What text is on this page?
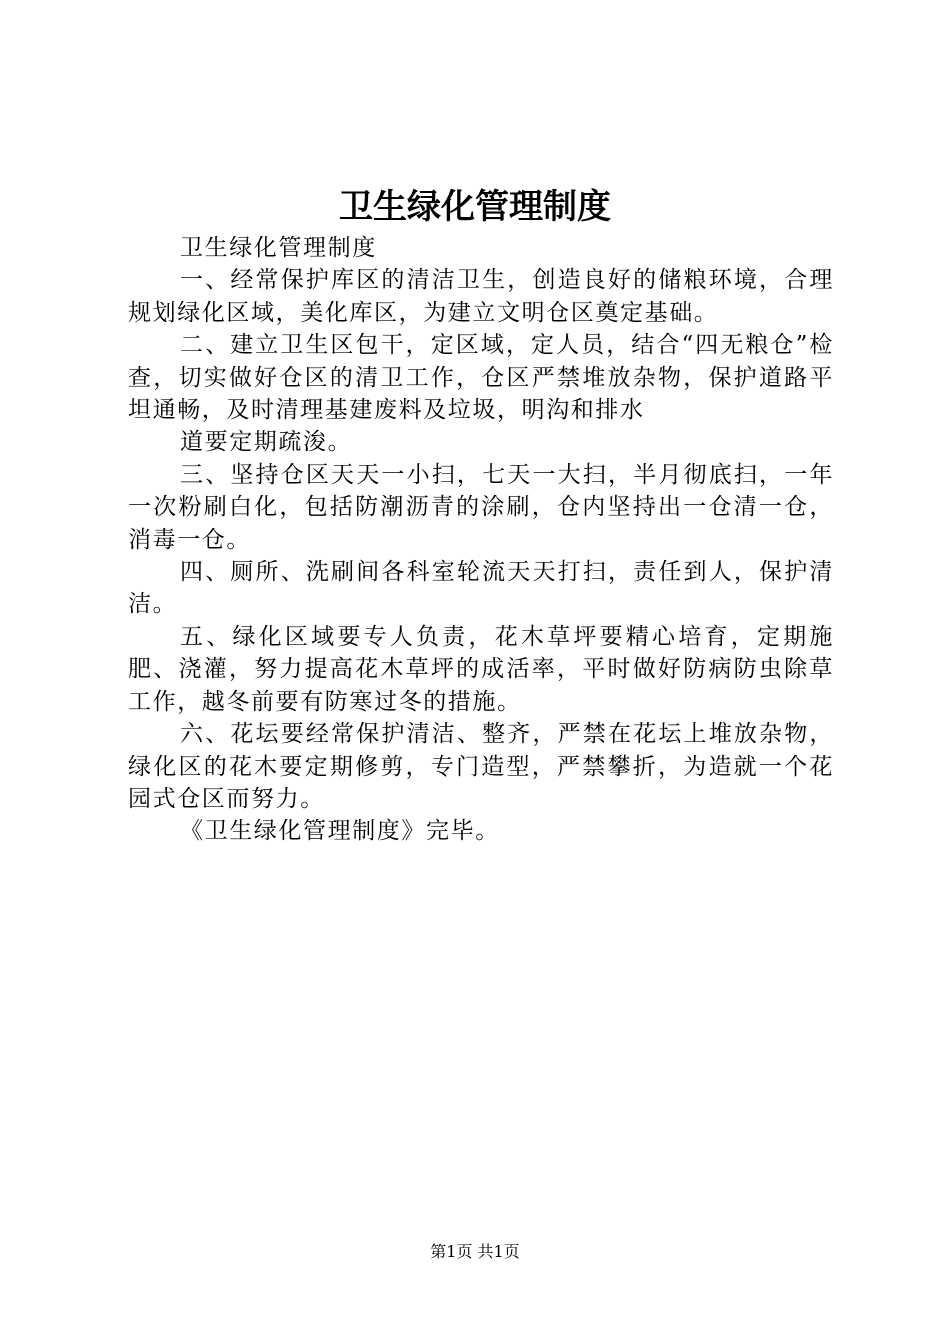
卫生绿化管理制度

卫生绿化管理制度

一、经常保护库区的清洁卫生，创造良好的储粮环境，合理规划绿化区域，美化库区，为建立文明仓区奠定基础。

二、建立卫生区包干，定区域，定人员，结合“四无粮仓”检查，切实做好仓区的清卫工作，仓区严禁堆放杂物，保护道路平坦通畅，及时清理基建废料及垃圾，明沟和排水

道要定期疏浚。

三、坚持仓区天天一小扫，七天一大扫，半月彻底扫，一年一次粉刷白化，包括防潮沥青的涂刷，仓内坚持出一仓清一仓，消毒一仓。

四、厕所、洗刷间各科室轮流天天打扫，责任到人，保护清洁。

五、绿化区域要专人负责，花木草坪要精心培育，定期施肥、浇灌，努力提高花木草坪的成活率，平时做好防病防虫除草工作，越冬前要有防寒过冬的措施。

六、花坛要经常保护清洁、整齐，严禁在花坛上堆放杂物，绿化区的花木要定期修剪，专门造型，严禁攀折，为造就一个花园式仓区而努力。

《卫生绿化管理制度》完毕。

第1页 共1页
